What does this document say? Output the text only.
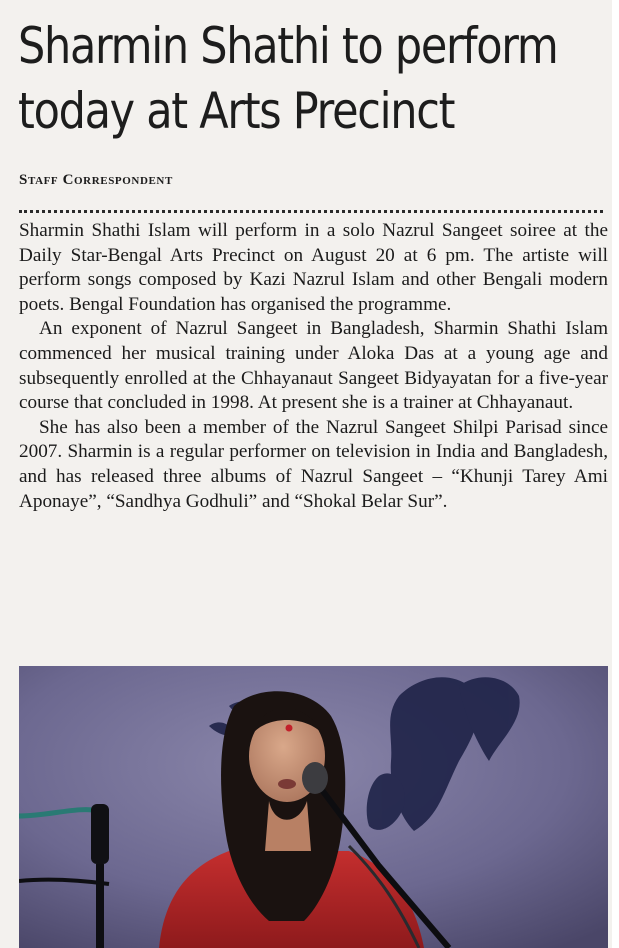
Sharmin Shathi to perform
today at Arts Precinct
Staff Correspondent

Sharmin Shathi Islam will perform in a solo Nazrul Sangeet soiree at the Daily Star-Bengal Arts Precinct on August 20 at 6 pm. The artiste will perform songs composed by Kazi Nazrul Islam and other Bengali modern poets. Bengal Foundation has organised the programme.

An exponent of Nazrul Sangeet in Bangladesh, Sharmin Shathi Islam commenced her musical training under Aloka Das at a young age and subsequently enrolled at the Chhayanaut Sangeet Bidyayatan for a five-year course that concluded in 1998. At present she is a trainer at Chhayanaut.

She has also been a member of the Nazrul Sangeet Shilpi Parisad since 2007. Sharmin is a regular performer on television in India and Bangladesh, and has released three albums of Nazrul Sangeet – “Khunji Tarey Ami Aponaye”, “Sandhya Godhuli” and “Shokal Belar Sur”.
